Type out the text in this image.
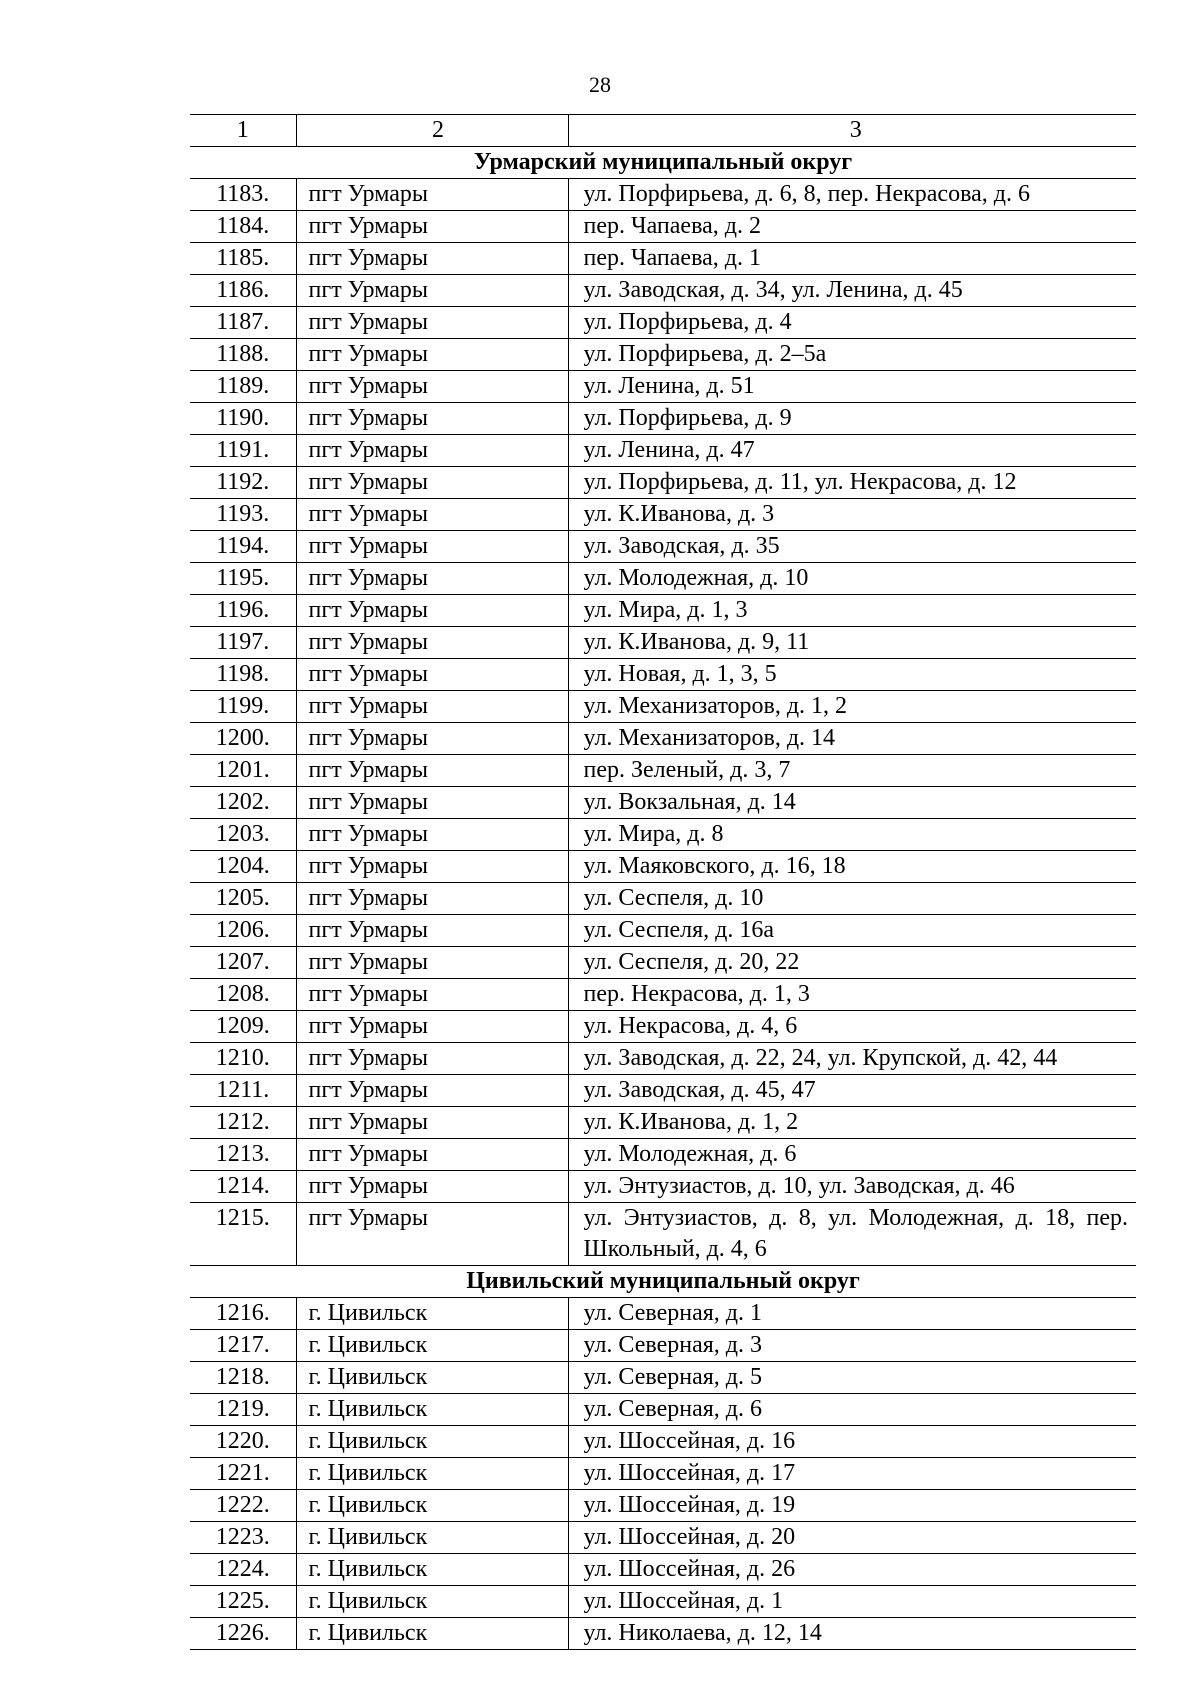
28
1	2	3
Урмарский муниципальный округ		
1183.	пгт Урмары	ул. Порфирьева, д. 6, 8, пер. Некрасова, д. 6
1184.	пгт Урмары	пер. Чапаева, д. 2
1185.	пгт Урмары	пер. Чапаева, д. 1
1186.	пгт Урмары	ул. Заводская, д. 34, ул. Ленина, д. 45
1187.	пгт Урмары	ул. Порфирьева, д. 4
1188.	пгт Урмары	ул. Порфирьева, д. 2–5а
1189.	пгт Урмары	ул. Ленина, д. 51
1190.	пгт Урмары	ул. Порфирьева, д. 9
1191.	пгт Урмары	ул. Ленина, д. 47
1192.	пгт Урмары	ул. Порфирьева, д. 11, ул. Некрасова, д. 12
1193.	пгт Урмары	ул. К.Иванова, д. 3
1194.	пгт Урмары	ул. Заводская, д. 35
1195.	пгт Урмары	ул. Молодежная, д. 10
1196.	пгт Урмары	ул. Мира, д. 1, 3
1197.	пгт Урмары	ул. К.Иванова, д. 9, 11
1198.	пгт Урмары	ул. Новая, д. 1, 3, 5
1199.	пгт Урмары	ул. Механизаторов, д. 1, 2
1200.	пгт Урмары	ул. Механизаторов, д. 14
1201.	пгт Урмары	пер. Зеленый, д. 3, 7
1202.	пгт Урмары	ул. Вокзальная, д. 14
1203.	пгт Урмары	ул. Мира, д. 8
1204.	пгт Урмары	ул. Маяковского, д. 16, 18
1205.	пгт Урмары	ул. Сеспеля, д. 10
1206.	пгт Урмары	ул. Сеспеля, д. 16а
1207.	пгт Урмары	ул. Сеспеля, д. 20, 22
1208.	пгт Урмары	пер. Некрасова, д. 1, 3
1209.	пгт Урмары	ул. Некрасова, д. 4, 6
1210.	пгт Урмары	ул. Заводская, д. 22, 24, ул. Крупской, д. 42, 44
1211.	пгт Урмары	ул. Заводская, д. 45, 47
1212.	пгт Урмары	ул. К.Иванова, д. 1, 2
1213.	пгт Урмары	ул. Молодежная, д. 6
1214.	пгт Урмары	ул. Энтузиастов, д. 10, ул. Заводская, д. 46
1215.	пгт Урмары	ул. Энтузиастов, д. 8, ул. Молодежная, д. 18, пер. Школьный, д. 4, 6
Цивильский муниципальный округ		
1216.	г. Цивильск	ул. Северная, д. 1
1217.	г. Цивильск	ул. Северная, д. 3
1218.	г. Цивильск	ул. Северная, д. 5
1219.	г. Цивильск	ул. Северная, д. 6
1220.	г. Цивильск	ул. Шоссейная, д. 16
1221.	г. Цивильск	ул. Шоссейная, д. 17
1222.	г. Цивильск	ул. Шоссейная, д. 19
1223.	г. Цивильск	ул. Шоссейная, д. 20
1224.	г. Цивильск	ул. Шоссейная, д. 26
1225.	г. Цивильск	ул. Шоссейная, д. 1
1226.	г. Цивильск	ул. Николаева, д. 12, 14
